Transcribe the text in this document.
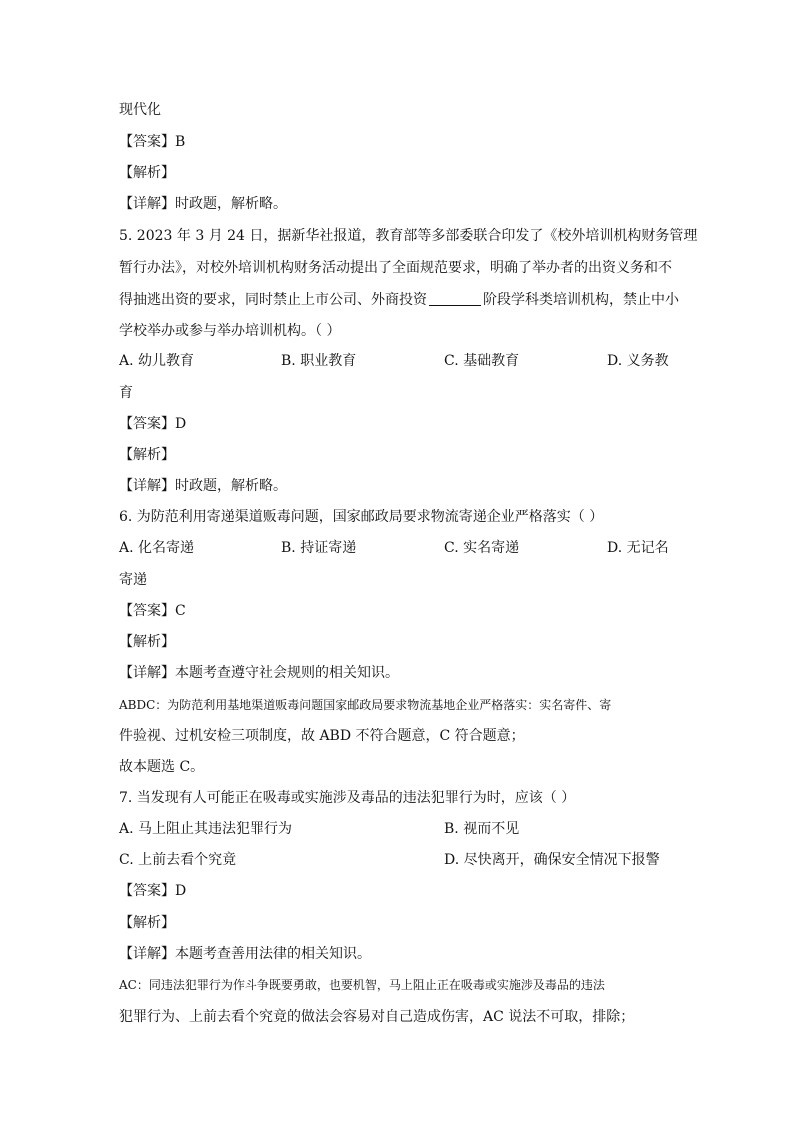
现代化
【答案】B
【解析】
【详解】时政题，解析略。
5. 2023 年 3 月 24 日，据新华社报道，教育部等多部委联合印发了《校外培训机构财务管理
暂行办法》，对校外培训机构财务活动提出了全面规范要求，明确了举办者的出资义务和不
得抽逃出资的要求，同时禁止上市公司、外商投资	阶段学科类培训机构，禁止中小
学校举办或参与举办培训机构。（ ）
A. 幼儿教育	B. 职业教育	C. 基础教育	D. 义务教
育
【答案】D
【解析】
【详解】时政题，解析略。
6. 为防范利用寄递渠道贩毒问题，国家邮政局要求物流寄递企业严格落实（ ）
A. 化名寄递	B. 持证寄递	C. 实名寄递	D. 无记名
寄递
【答案】C
【解析】
【详解】本题考查遵守社会规则的相关知识。
ABDC：为防范利用基地渠道贩毒问题国家邮政局要求物流基地企业严格落实：实名寄件、寄
件验视、过机安检三项制度，故 ABD 不符合题意，C 符合题意；
故本题选 C。
7. 当发现有人可能正在吸毒或实施涉及毒品的违法犯罪行为时，应该（ ）
A. 马上阻止其违法犯罪行为	B. 视而不见
C. 上前去看个究竟	D. 尽快离开，确保安全情况下报警
【答案】D
【解析】
【详解】本题考查善用法律的相关知识。
AC：同违法犯罪行为作斗争既要勇敢，也要机智，马上阻止正在吸毒或实施涉及毒品的违法
犯罪行为、上前去看个究竟的做法会容易对自己造成伤害，AC 说法不可取，排除；
